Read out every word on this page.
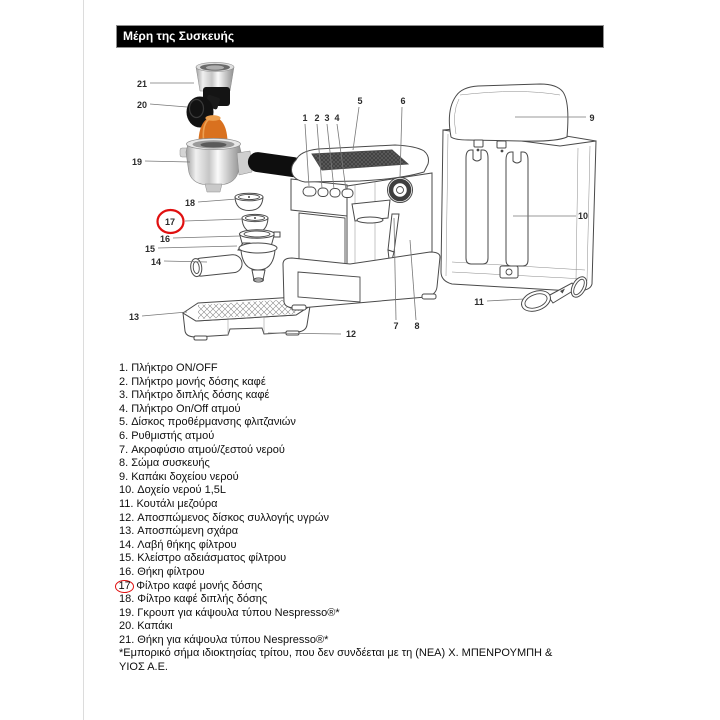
Μέρη της Συσκευής
1 2 3 4
5	6
7 8
9
10
11
12
13
14
15
16
17
18
19
20
21
1. Πλήκτρο ON/OFF
2. Πλήκτρο μονής δόσης καφέ
3. Πλήκτρο διπλής δόσης καφέ
4. Πλήκτρο On/Off ατμού
5. Δίσκος προθέρμανσης φλιτζανιών
6. Ρυθμιστής ατμού
7. Ακροφύσιο ατμού/ζεστού νερού
8. Σώμα συσκευής
9. Καπάκι δοχείου νερού
10. Δοχείο νερού 1,5L
11. Κουτάλι μεζούρα
12. Αποσπώμενος δίσκος συλλογής υγρών
13. Αποσπώμενη σχάρα
14. Λαβή θήκης φίλτρου
15. Κλείστρο αδειάσματος φίλτρου
16. Θήκη φίλτρου
17 Φίλτρο καφέ μονής δόσης
18. Φίλτρο καφέ διπλής δόσης
19. Γκρουπ για κάψουλα τύπου Nespresso®*
20. Καπάκι
21. Θήκη για κάψουλα τύπου Nespresso®*
*Εμπορικό σήμα ιδιοκτησίας τρίτου, που δεν συνδέεται με τη (ΝΕΑ) Χ. ΜΠΕΝΡΟΥΜΠΗ &
ΥΙΟΣ Α.Ε.
